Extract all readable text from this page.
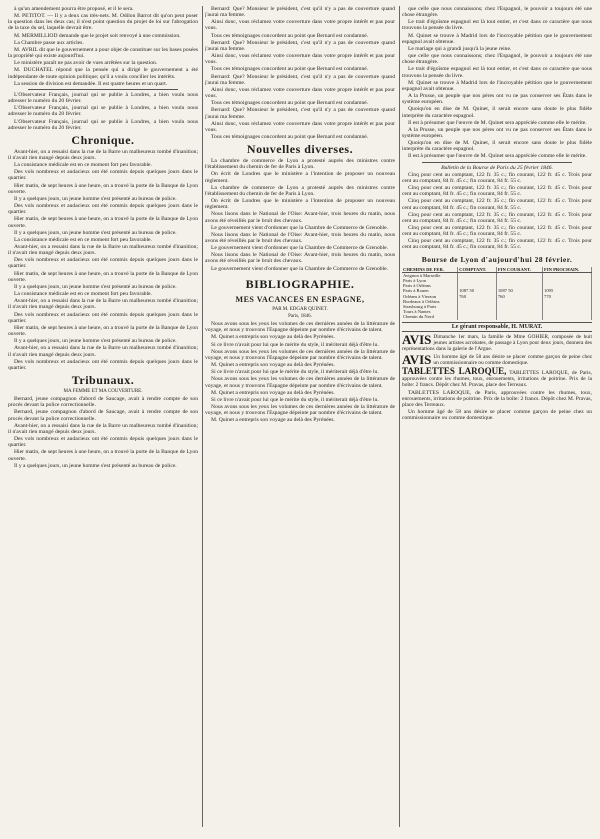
à qu'un amendement pourra être proposé, et il le sera.

M. PETITOT. — Il y a deux cas très-nets. M. Odilon Barrot dit qu'on peut poser la question dans les deux cas; il n'est point question du projet de loi sur l'abrogation de la taxe du sel, laquelle devrait être.

M. MERMILLIOD demande que le projet soit renvoyé à une commission.

La Chambre passe aux articles.

M. AVRIL dit que le gouvernement a pour objet de constituer sur les bases posées la propriété qui existe aujourd'hui.

Le ministère paraît ne pas avoir de vues arrêtées sur la question.

M. DUCHATEL répond que la pensée qui a dirigé le gouvernement a été indépendante de toute opinion politique; qu'il a voulu concilier les intérêts.

La session de division est demandée. Il est quatre heures et un quart.

L'Observateur Français, journal qui se publie à Londres, a bien voulu nous adresser le numéro du 20 février.

L'Observateur Français, journal qui se publie à Londres, a bien voulu nous adresser le numéro du 20 février.

L'Observateur Français, journal qui se publie à Londres, a bien voulu nous adresser le numéro du 20 février.

Chronique.

Avant-hier, on a ressaisi dans la rue de la Barre un malheureux tombé d'inanition; il n'avait rien mangé depuis deux jours.

La consistance médicale est en ce moment fort peu favorable.

Des vols nombreux et audacieux ont été commis depuis quelques jours dans le quartier.

Hier matin, de sept heures à une heure, on a trouvé la porte de la Banque de Lyon ouverte.

Il y a quelques jours, un jeune homme s'est présenté au bureau de police.

Des vols nombreux et audacieux ont été commis depuis quelques jours dans le quartier.

Hier matin, de sept heures à une heure, on a trouvé la porte de la Banque de Lyon ouverte.

Il y a quelques jours, un jeune homme s'est présenté au bureau de police.

La consistance médicale est en ce moment fort peu favorable.

Avant-hier, on a ressaisi dans la rue de la Barre un malheureux tombé d'inanition; il n'avait rien mangé depuis deux jours.

Des vols nombreux et audacieux ont été commis depuis quelques jours dans le quartier.

Hier matin, de sept heures à une heure, on a trouvé la porte de la Banque de Lyon ouverte.

Il y a quelques jours, un jeune homme s'est présenté au bureau de police.

La consistance médicale est en ce moment fort peu favorable.

Avant-hier, on a ressaisi dans la rue de la Barre un malheureux tombé d'inanition; il n'avait rien mangé depuis deux jours.

Des vols nombreux et audacieux ont été commis depuis quelques jours dans le quartier.

Hier matin, de sept heures à une heure, on a trouvé la porte de la Banque de Lyon ouverte.

Il y a quelques jours, un jeune homme s'est présenté au bureau de police.

Avant-hier, on a ressaisi dans la rue de la Barre un malheureux tombé d'inanition; il n'avait rien mangé depuis deux jours.

Des vols nombreux et audacieux ont été commis depuis quelques jours dans le quartier.

Tribunaux.

MA FEMME ET MA COUVERTURE.

Bernard, jeune compagnon d'abord de Saucage, avait à rendre compte de son procès devant la police correctionnelle.

Bernard, jeune compagnon d'abord de Saucage, avait à rendre compte de son procès devant la police correctionnelle.

Avant-hier, on a ressaisi dans la rue de la Barre un malheureux tombé d'inanition; il n'avait rien mangé depuis deux jours.

Des vols nombreux et audacieux ont été commis depuis quelques jours dans le quartier.

Hier matin, de sept heures à une heure, on a trouvé la porte de la Banque de Lyon ouverte.

Il y a quelques jours, un jeune homme s'est présenté au bureau de police.

Bernard: Que? Monsieur le président, c'est qu'il n'y a pas de couverture quand j'aurai ma femme.

Ainsi donc, vous réclamez votre couverture dans votre propre intérêt et pas pour vous.

Tous ces témoignages concordent au point que Bernard est condamné.

Bernard: Que? Monsieur le président, c'est qu'il n'y a pas de couverture quand j'aurai ma femme.

Ainsi donc, vous réclamez votre couverture dans votre propre intérêt et pas pour vous.

Tous ces témoignages concordent au point que Bernard est condamné.

Bernard: Que? Monsieur le président, c'est qu'il n'y a pas de couverture quand j'aurai ma femme.

Ainsi donc, vous réclamez votre couverture dans votre propre intérêt et pas pour vous.

Tous ces témoignages concordent au point que Bernard est condamné.

Bernard: Que? Monsieur le président, c'est qu'il n'y a pas de couverture quand j'aurai ma femme.

Ainsi donc, vous réclamez votre couverture dans votre propre intérêt et pas pour vous.

Tous ces témoignages concordent au point que Bernard est condamné.

Nouvelles diverses.

La chambre de commerce de Lyon a protesté auprès des ministres contre l'établissement du chemin de fer de Paris à Lyon.

On écrit de Londres que le ministère a l'intention de proposer un nouveau règlement.

La chambre de commerce de Lyon a protesté auprès des ministres contre l'établissement du chemin de fer de Paris à Lyon.

On écrit de Londres que le ministère a l'intention de proposer un nouveau règlement.

Nous lisons dans le National de l'Oise: Avant-hier, trois heures du matin, nous avons été réveillés par le bruit des chevaux.

Le gouvernement vient d'ordonner que la Chambre de Commerce de Grenoble.

Nous lisons dans le National de l'Oise: Avant-hier, trois heures du matin, nous avons été réveillés par le bruit des chevaux.

Le gouvernement vient d'ordonner que la Chambre de Commerce de Grenoble.

Nous lisons dans le National de l'Oise: Avant-hier, trois heures du matin, nous avons été réveillés par le bruit des chevaux.

Le gouvernement vient d'ordonner que la Chambre de Commerce de Grenoble.

BIBLIOGRAPHIE.
MES VACANCES EN ESPAGNE,

PAR M. EDGAR QUINET.

Paris, 1846.

Nous avons sous les yeux les volumes de ces dernières années de la littérature de voyage, et nous y trouvons l'Espagne dépeinte par nombre d'écrivains de talent.

M. Quinet a entrepris son voyage au delà des Pyrénées.

Si ce livre n'avait pour lui que le mérite du style, il mériterait déjà d'être lu.

Nous avons sous les yeux les volumes de ces dernières années de la littérature de voyage, et nous y trouvons l'Espagne dépeinte par nombre d'écrivains de talent.

M. Quinet a entrepris son voyage au delà des Pyrénées.

Si ce livre n'avait pour lui que le mérite du style, il mériterait déjà d'être lu.

Nous avons sous les yeux les volumes de ces dernières années de la littérature de voyage, et nous y trouvons l'Espagne dépeinte par nombre d'écrivains de talent.

M. Quinet a entrepris son voyage au delà des Pyrénées.

Si ce livre n'avait pour lui que le mérite du style, il mériterait déjà d'être lu.

Nous avons sous les yeux les volumes de ces dernières années de la littérature de voyage, et nous y trouvons l'Espagne dépeinte par nombre d'écrivains de talent.

M. Quinet a entrepris son voyage au delà des Pyrénées.

que celle que nous connaissons; chez l'Espagnol, le pouvoir a toujours été une chose étrangère.

Le trait d'égoïsme espagnol est là tout entier, et c'est dans ce caractère que nous trouvons la pensée du livre.

M. Quinet se trouve à Madrid lors de l'incroyable pétition que le gouvernement espagnol avait obtenue.

Le mariage qui a grandi jusqu'à la jeune reine.

que celle que nous connaissons; chez l'Espagnol, le pouvoir a toujours été une chose étrangère.

Le trait d'égoïsme espagnol est là tout entier, et c'est dans ce caractère que nous trouvons la pensée du livre.

M. Quinet se trouve à Madrid lors de l'incroyable pétition que le gouvernement espagnol avait obtenue.

A la Prusse, un peuple que nos pères ont vu ne pas conserver ses États dans le système européen.

Quoiqu'on en dise de M. Quinet, il serait encore sans doute le plus fidèle interprète du caractère espagnol.

Il est à présumer que l'œuvre de M. Quinet sera appréciée comme elle le mérite.

A la Prusse, un peuple que nos pères ont vu ne pas conserver ses États dans le système européen.

Quoiqu'on en dise de M. Quinet, il serait encore sans doute le plus fidèle interprète du caractère espagnol.

Il est à présumer que l'œuvre de M. Quinet sera appréciée comme elle le mérite.

Bulletin de la Bourse de Paris du 25 février 1846.

Cinq pour cent au comptant, 122 fr. 35 c.; fin courant, 122 fr. 45 c. Trois pour cent au comptant, 84 fr. 45 c.; fin courant, 84 fr. 55 c.

Cinq pour cent au comptant, 122 fr. 35 c.; fin courant, 122 fr. 45 c. Trois pour cent au comptant, 84 fr. 45 c.; fin courant, 84 fr. 55 c.

Cinq pour cent au comptant, 122 fr. 35 c.; fin courant, 122 fr. 45 c. Trois pour cent au comptant, 84 fr. 45 c.; fin courant, 84 fr. 55 c.

Cinq pour cent au comptant, 122 fr. 35 c.; fin courant, 122 fr. 45 c. Trois pour cent au comptant, 84 fr. 45 c.; fin courant, 84 fr. 55 c.

Cinq pour cent au comptant, 122 fr. 35 c.; fin courant, 122 fr. 45 c. Trois pour cent au comptant, 84 fr. 45 c.; fin courant, 84 fr. 55 c.

Cinq pour cent au comptant, 122 fr. 35 c.; fin courant, 122 fr. 45 c. Trois pour cent au comptant, 84 fr. 45 c.; fin courant, 84 fr. 55 c.

Bourse de Lyon d'aujourd'hui 28 février.
CHEMINS DE FER.	COMPTANT.	FIN COURANT.	FIN PROCHAIN.
Avignon à Marseille			
Paris à Lyon			
Paris à Orléans			
Paris à Rouen	1087 50	1087 50	1095
Orléans à Vierzon	760	760	770
Bordeaux à Orléans			
Strasbourg à Paris			
Tours à Nantes			
Chemin du Nord			
Le gérant responsable, H. MURAT.
AVIS Dimanche 1er mars, la famille de Mme GOHIER, composée de huit jeunes artistes acrobates, de passage à Lyon pour deux jours, donnera des représentations dans la galerie de l'Argue.
AVIS Un homme âgé de 58 ans désire se placer comme garçon de peine chez un commissionnaire ou comme domestique.
TABLETTES LAROQUE, TABLETTES LAROQUE, de Paris, approuvées contre les rhumes, toux, enrouements, irritations de poitrine. Prix de la boîte: 2 francs. Dépôt chez M. Pravas, place des Terreaux.

TABLETTES LAROQUE, de Paris, approuvées contre les rhumes, toux, enrouements, irritations de poitrine. Prix de la boîte: 2 francs. Dépôt chez M. Pravas, place des Terreaux.

Un homme âgé de 58 ans désire se placer comme garçon de peine chez un commissionnaire ou comme domestique.
